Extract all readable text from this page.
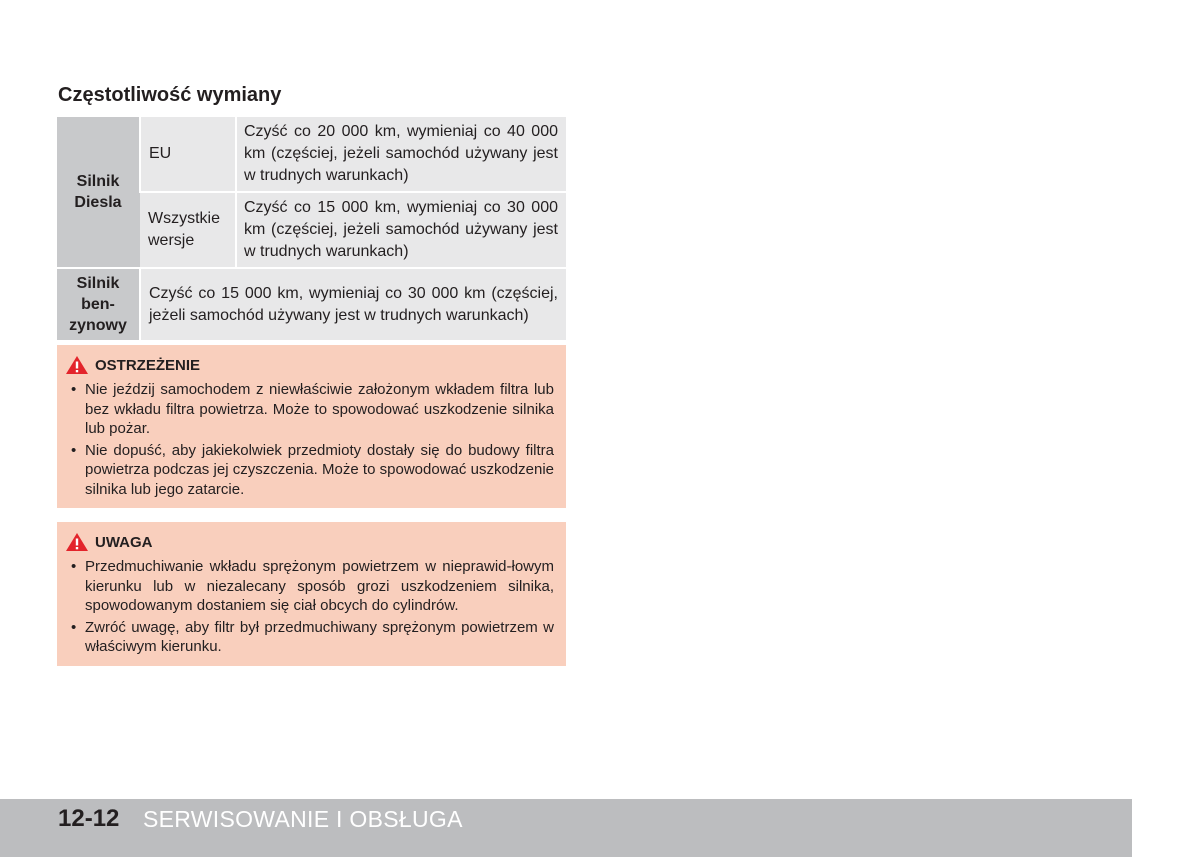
Częstotliwość wymiany
Silnik Diesla	EU	Czyść co 20 000 km, wymieniaj co 40 000 km (częściej, jeżeli samochód używany jest w trudnych warunkach)
	Wszystkie wersje	Czyść co 15 000 km, wymieniaj co 30 000 km (częściej, jeżeli samochód używany jest w trudnych warunkach)
Silnik
ben-
zynowy	Czyść co 15 000 km, wymieniaj co 30 000 km (częściej, jeżeli samochód używany jest w trudnych warunkach)	
OSTRZEŻENIE
• Nie jeździj samochodem z niewłaściwie założonym wkładem filtra lub bez wkładu filtra powietrza. Może to spowodować uszkodzenie silnika lub pożar.
• Nie dopuść, aby jakiekolwiek przedmioty dostały się do budowy filtra powietrza podczas jej czyszczenia. Może to spowodować uszkodzenie silnika lub jego zatarcie.
UWAGA
• Przedmuchiwanie wkładu sprężonym powietrzem w nieprawid-łowym kierunku lub w niezalecany sposób grozi uszkodzeniem silnika, spowodowanym dostaniem się ciał obcych do cylindrów.
• Zwróć uwagę, aby filtr był przedmuchiwany sprężonym powietrzem w właściwym kierunku.
12-12 SERWISOWANIE I OBSŁUGA
